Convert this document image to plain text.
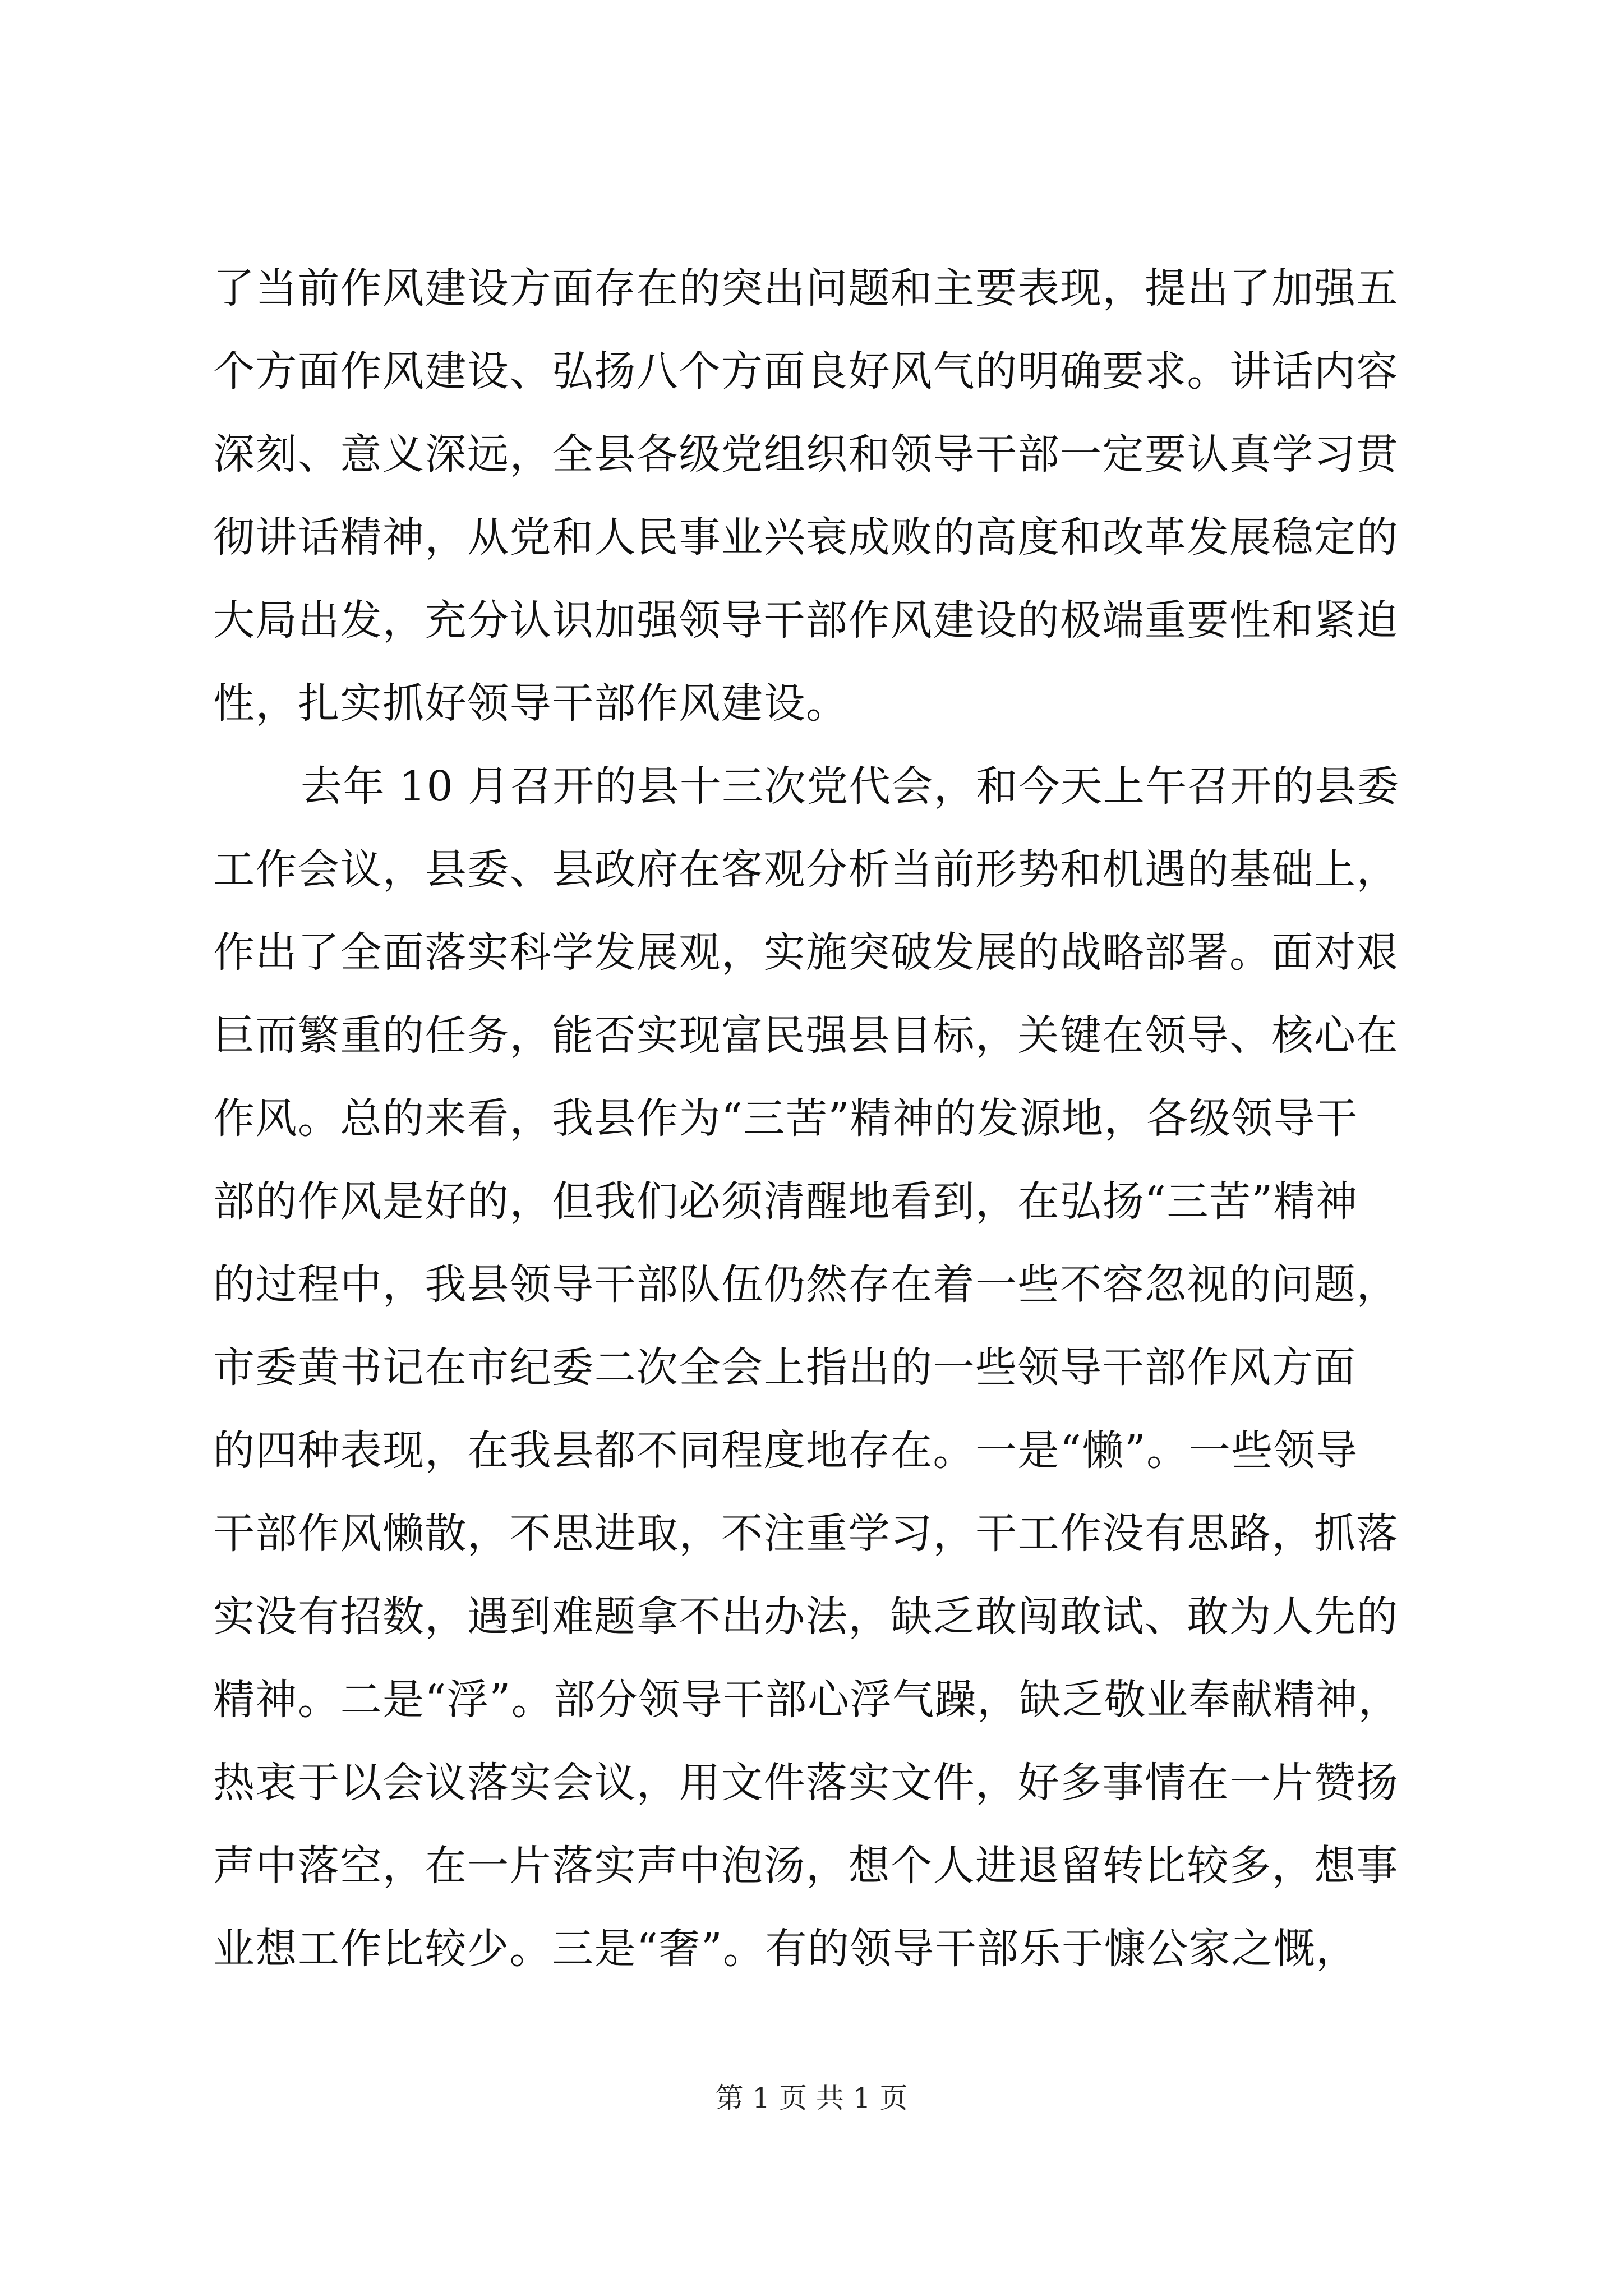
了当前作风建设方面存在的突出问题和主要表现，提出了加强五
个方面作风建设、弘扬八个方面良好风气的明确要求。讲话内容
深刻、意义深远，全县各级党组织和领导干部一定要认真学习贯
彻讲话精神，从党和人民事业兴衰成败的高度和改革发展稳定的
大局出发，充分认识加强领导干部作风建设的极端重要性和紧迫
性，扎实抓好领导干部作风建设。
去年 10 月召开的县十三次党代会，和今天上午召开的县委
工作会议，县委、县政府在客观分析当前形势和机遇的基础上，
作出了全面落实科学发展观，实施突破发展的战略部署。面对艰
巨而繁重的任务，能否实现富民强县目标，关键在领导、核心在
作风。总的来看，我县作为“三苦”精神的发源地，各级领导干
部的作风是好的，但我们必须清醒地看到，在弘扬“三苦”精神
的过程中，我县领导干部队伍仍然存在着一些不容忽视的问题，
市委黄书记在市纪委二次全会上指出的一些领导干部作风方面
的四种表现，在我县都不同程度地存在。一是“懒”。一些领导
干部作风懒散，不思进取，不注重学习，干工作没有思路，抓落
实没有招数，遇到难题拿不出办法，缺乏敢闯敢试、敢为人先的
精神。二是“浮”。部分领导干部心浮气躁，缺乏敬业奉献精神，
热衷于以会议落实会议，用文件落实文件，好多事情在一片赞扬
声中落空，在一片落实声中泡汤，想个人进退留转比较多，想事
业想工作比较少。三是“奢”。有的领导干部乐于慷公家之慨，
第 1 页 共 1 页
